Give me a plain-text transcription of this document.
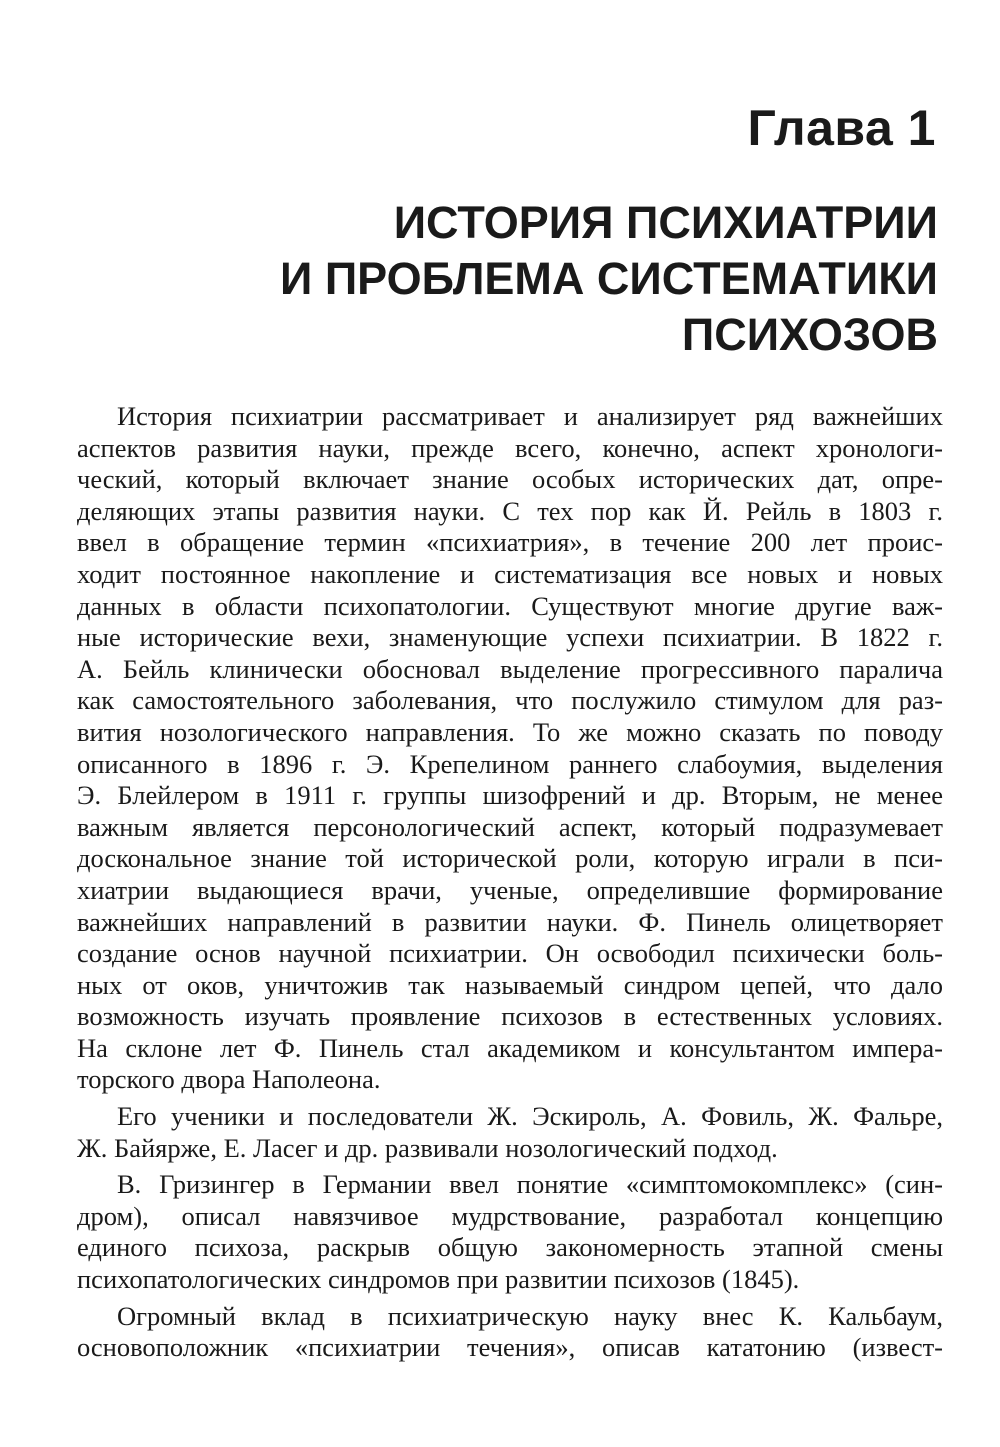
Глава 1
ИСТОРИЯ ПСИХИАТРИИ
И ПРОБЛЕМА СИСТЕМАТИКИ
ПСИХОЗОВ
История психиатрии рассматривает и анализирует ряд важнейших
аспектов развития науки, прежде всего, конечно, аспект хронологи-
ческий, который включает знание особых исторических дат, опре-
деляющих этапы развития науки. С тех пор как Й. Рейль в 1803 г.
ввел в обращение термин «психиатрия», в течение 200 лет проис-
ходит постоянное накопление и систематизация все новых и новых
данных в области психопатологии. Существуют многие другие важ-
ные исторические вехи, знаменующие успехи психиатрии. В 1822 г.
А. Бейль клинически обосновал выделение прогрессивного паралича
как самостоятельного заболевания, что послужило стимулом для раз-
вития нозологического направления. То же можно сказать по поводу
описанного в 1896 г. Э. Крепелином раннего слабоумия, выделения
Э. Блейлером в 1911 г. группы шизофрений и др. Вторым, не менее
важным является персонологический аспект, который подразумевает
доскональное знание той исторической роли, которую играли в пси-
хиатрии выдающиеся врачи, ученые, определившие формирование
важнейших направлений в развитии науки. Ф. Пинель олицетворяет
создание основ научной психиатрии. Он освободил психически боль-
ных от оков, уничтожив так называемый синдром цепей, что дало
возможность изучать проявление психозов в естественных условиях.
На склоне лет Ф. Пинель стал академиком и консультантом импера-
торского двора Наполеона.
Его ученики и последователи Ж. Эскироль, А. Фовиль, Ж. Фальре,
Ж. Байярже, Е. Ласег и др. развивали нозологический подход.
В. Гризингер в Германии ввел понятие «симптомокомплекс» (син-
дром), описал навязчивое мудрствование, разработал концепцию
единого психоза, раскрыв общую закономерность этапной смены
психопатологических синдромов при развитии психозов (1845).
Огромный вклад в психиатрическую науку внес К. Кальбаум,
основоположник «психиатрии течения», описав кататонию (извест-
